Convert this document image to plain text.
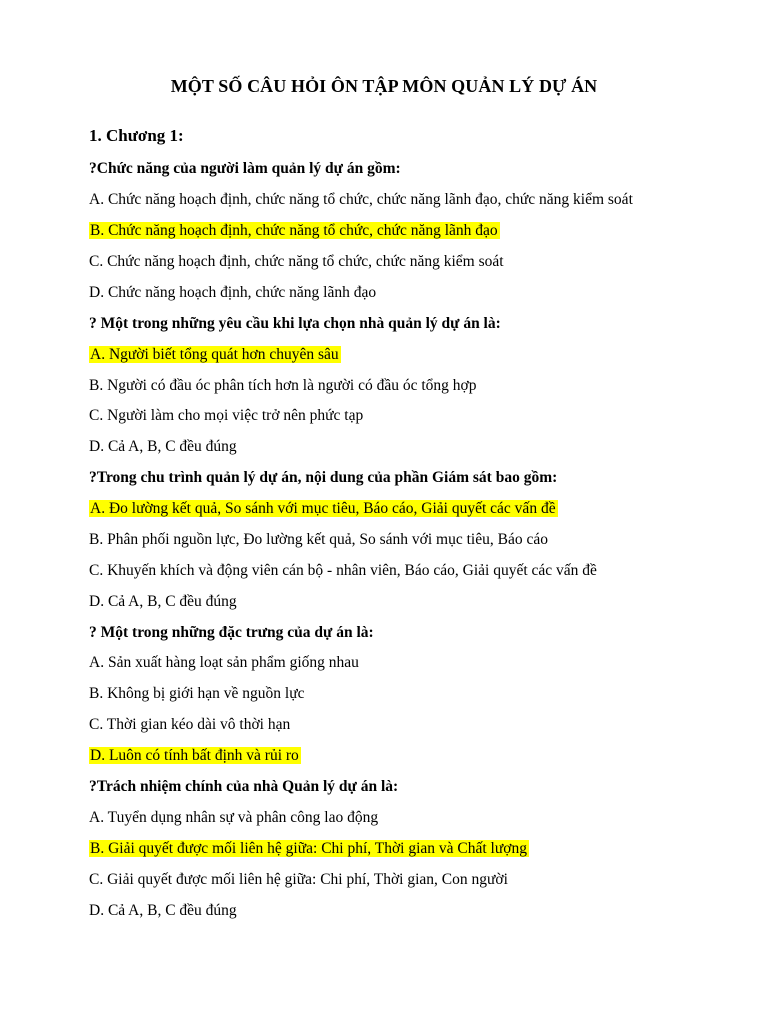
MỘT SỐ CÂU HỎI ÔN TẬP MÔN QUẢN LÝ DỰ ÁN
1. Chương 1:
?Chức năng của người làm quản lý dự án gồm:
A. Chức năng hoạch định, chức năng tổ chức, chức năng lãnh đạo, chức năng kiểm soát
B. Chức năng hoạch định, chức năng tổ chức, chức năng lãnh đạo
C. Chức năng hoạch định, chức năng tổ chức, chức năng kiểm soát
D. Chức năng hoạch định, chức năng lãnh đạo
? Một trong những yêu cầu khi lựa chọn nhà quản lý dự án là:
A. Người biết tổng quát hơn chuyên sâu
B. Người có đầu óc phân tích hơn là người có đầu óc tổng hợp
C. Người làm cho mọi việc trở nên phức tạp
D. Cả A, B, C đều đúng
?Trong chu trình quản lý dự án, nội dung của phần Giám sát bao gồm:
A. Đo lường kết quả, So sánh với mục tiêu, Báo cáo, Giải quyết các vấn đề
B. Phân phối nguồn lực, Đo lường kết quả, So sánh với mục tiêu, Báo cáo
C. Khuyến khích và động viên cán bộ - nhân viên, Báo cáo, Giải quyết các vấn đề
D. Cả A, B, C đều đúng
? Một trong những đặc trưng của dự án là:
A. Sản xuất hàng loạt sản phẩm giống nhau
B. Không bị giới hạn về nguồn lực
C. Thời gian kéo dài vô thời hạn
D. Luôn có tính bất định và rủi ro
?Trách nhiệm chính của nhà Quản lý dự án là:
A. Tuyển dụng nhân sự và phân công lao động
B. Giải quyết được mối liên hệ giữa: Chi phí, Thời gian và Chất lượng
C. Giải quyết được mối liên hệ giữa: Chi phí, Thời gian, Con người
D. Cả A, B, C đều đúng
